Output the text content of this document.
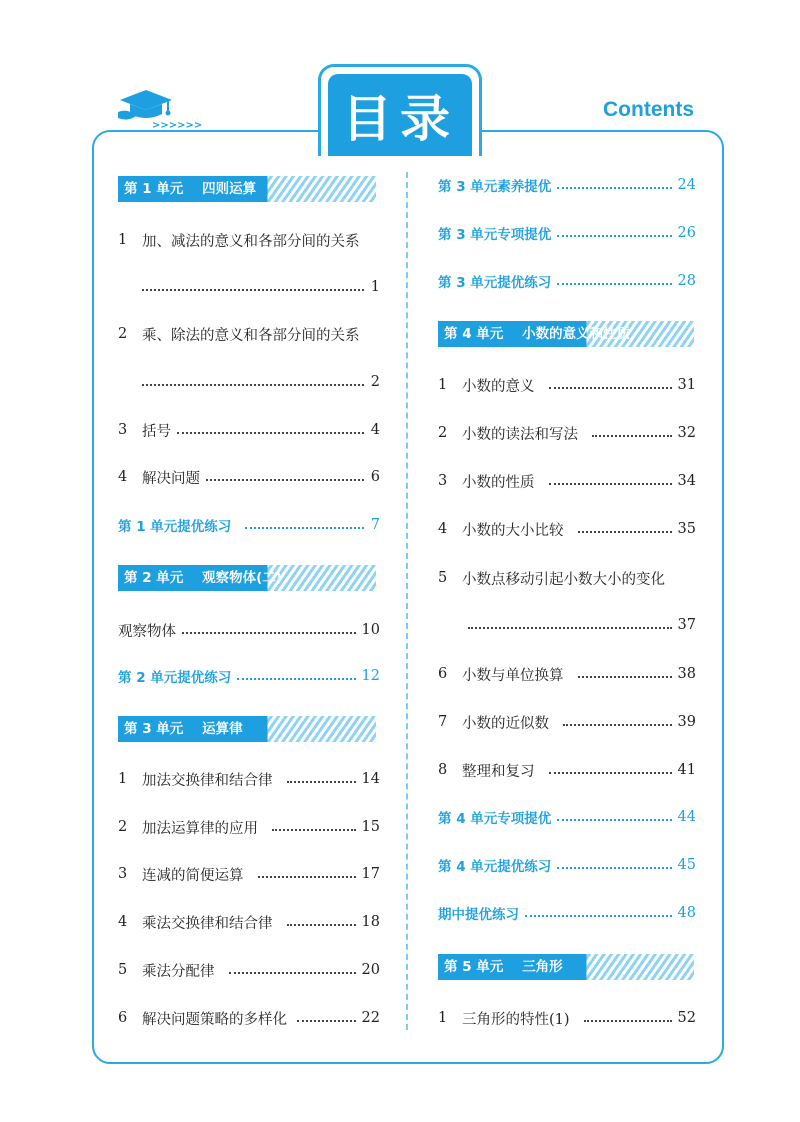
>>>>>>	目录	Contents
第 1 单元    四则运算
1	加、减法的意义和各部分间的关系
1
2	乘、除法的意义和各部分间的关系
2
3	括号	4
4	解决问题	6
第 1 单元提优练习	7
第 2 单元    观察物体(二)
观察物体	10
第 2 单元提优练习	12
第 3 单元    运算律
1	加法交换律和结合律	14
2	加法运算律的应用	15
3	连减的简便运算	17
4	乘法交换律和结合律	18
5	乘法分配律	20
6	解决问题策略的多样化	22
第 3 单元素养提优	24
第 3 单元专项提优	26
第 3 单元提优练习	28
第 4 单元    小数的意义和性质
1	小数的意义	31
2	小数的读法和写法	32
3	小数的性质	34
4	小数的大小比较	35
5	小数点移动引起小数大小的变化
37
6	小数与单位换算	38
7	小数的近似数	39
8	整理和复习	41
第 4 单元专项提优	44
第 4 单元提优练习	45
期中提优练习	48
第 5 单元    三角形
1	三角形的特性(1)	52
